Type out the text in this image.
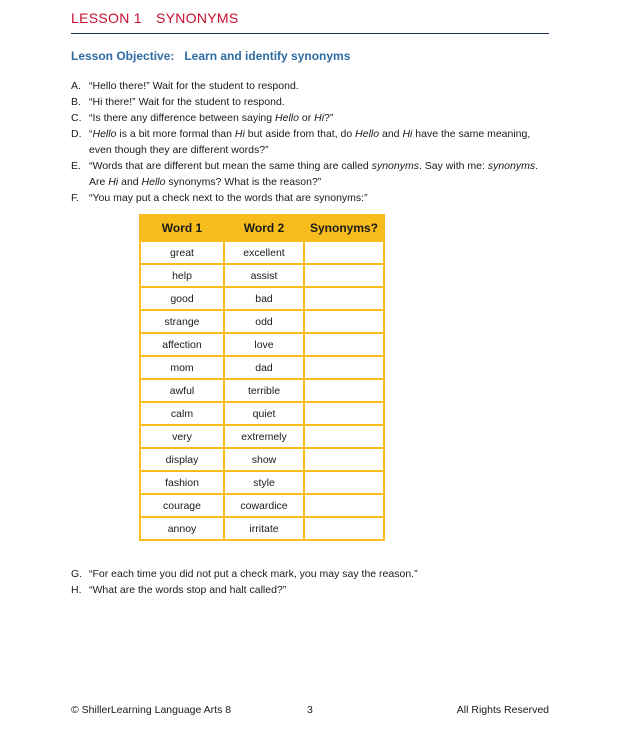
LESSON 1 SYNONYMS
Lesson Objective: Learn and identify synonyms
A. “Hello there!” Wait for the student to respond.
B. “Hi there!” Wait for the student to respond.
C. “Is there any difference between saying Hello or Hi?”
D. “Hello is a bit more formal than Hi but aside from that, do Hello and Hi have the same meaning, even though they are different words?”
E. “Words that are different but mean the same thing are called synonyms. Say with me: synonyms. Are Hi and Hello synonyms? What is the reason?”
F. “You may put a check next to the words that are synonyms:”
Word 1	Word 2	Synonyms?
great	excellent	
help	assist	
good	bad	
strange	odd	
affection	love	
mom	dad	
awful	terrible	
calm	quiet	
very	extremely	
display	show	
fashion	style	
courage	cowardice	
annoy	irritate	
G. “For each time you did not put a check mark, you may say the reason.”
H. “What are the words stop and halt called?”
© ShillerLearning Language Arts 8	3	All Rights Reserved
